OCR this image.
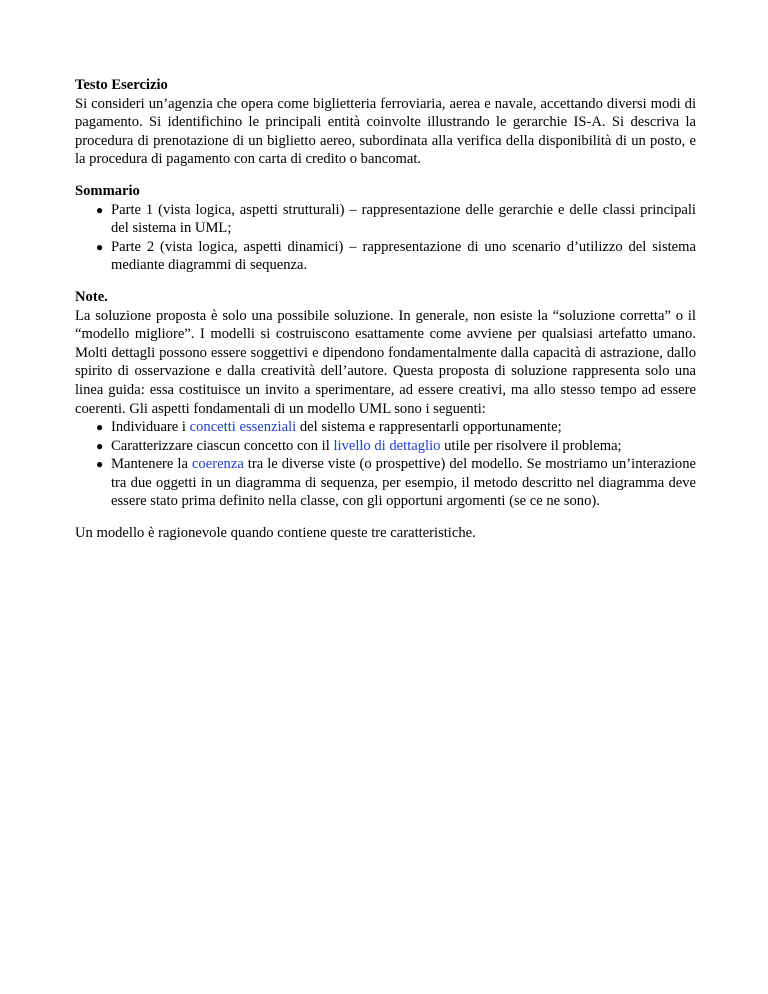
Testo Esercizio

Si consideri un’agenzia che opera come biglietteria ferroviaria, aerea e navale, accettando diversi modi di pagamento. Si identifichino le principali entità coinvolte illustrando le gerarchie IS-A. Si descriva la procedura di prenotazione di un biglietto aereo, subordinata alla verifica della disponibilità di un posto, e la procedura di pagamento con carta di credito o bancomat.

Sommario

● Parte 1 (vista logica, aspetti strutturali) – rappresentazione delle gerarchie e delle classi principali del sistema in UML;
● Parte 2 (vista logica, aspetti dinamici) – rappresentazione di uno scenario d’utilizzo del sistema mediante diagrammi di sequenza.

Note.

La soluzione proposta è solo una possibile soluzione. In generale, non esiste la “soluzione corretta” o il “modello migliore”. I modelli si costruiscono esattamente come avviene per qualsiasi artefatto umano. Molti dettagli possono essere soggettivi e dipendono fondamentalmente dalla capacità di astrazione, dallo spirito di osservazione e dalla creatività dell’autore. Questa proposta di soluzione rappresenta solo una linea guida: essa costituisce un invito a sperimentare, ad essere creativi, ma allo stesso tempo ad essere coerenti. Gli aspetti fondamentali di un modello UML sono i seguenti:

● Individuare i concetti essenziali del sistema e rappresentarli opportunamente;
● Caratterizzare ciascun concetto con il livello di dettaglio utile per risolvere il problema;
● Mantenere la coerenza tra le diverse viste (o prospettive) del modello. Se mostriamo un’interazione tra due oggetti in un diagramma di sequenza, per esempio, il metodo descritto nel diagramma deve essere stato prima definito nella classe, con gli opportuni argomenti (se ce ne sono).

Un modello è ragionevole quando contiene queste tre caratteristiche.
